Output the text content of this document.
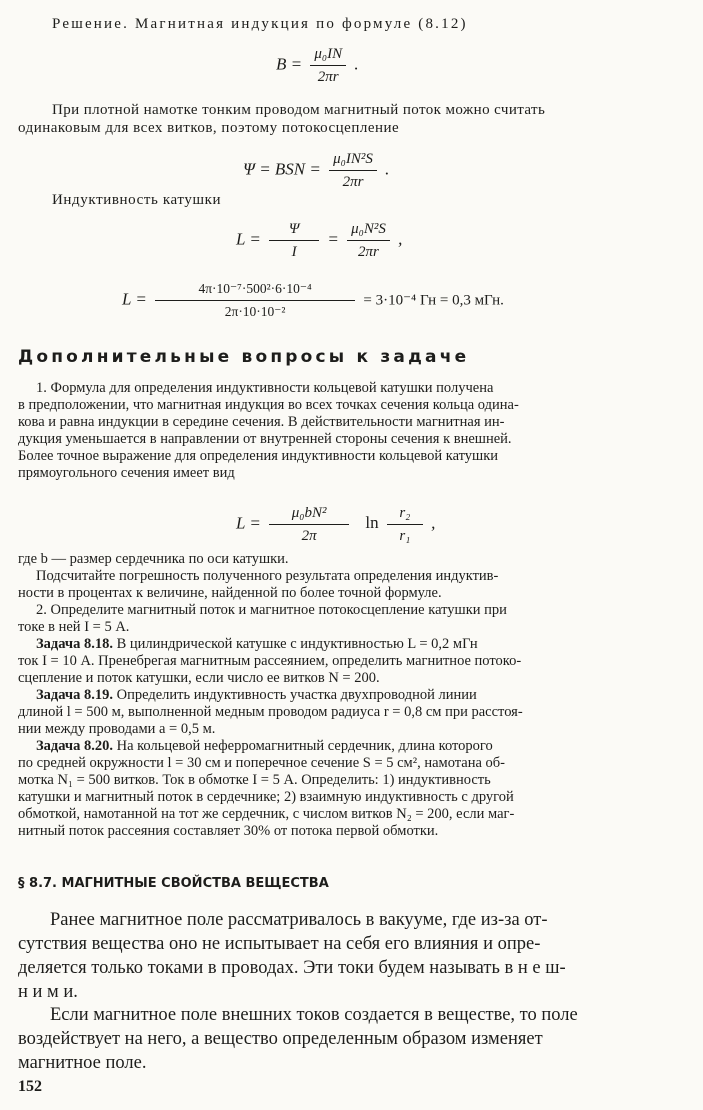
Решение. Магнитная индукция по формуле (8.12)
$B = \frac{\text{μ₀IN}}{2\pi r}$ .
При плотной намотке тонким проводом магнитный поток можно считать
одинаковым для всех витков, поэтому потокосцепление
Ψ = BSN = $\frac{\text{μ₀IN²S}}{2\pi r}$ .
Индуктивность катушки
$L = \frac{\Psi}{I} = \frac{\text{μ₀N²S}}{2\pi r}$ ,
$L = \frac{\text{4π·10⁻⁷·500²·6·10⁻⁴}}{\text{2π·10·10⁻²}} = 3\cdot 10^{-4}$ Гн = 0,3 мГн.
Дополнительные вопросы к задаче
1. Формула для определения индуктивности кольцевой катушки получена
в предположении, что магнитная индукция во всех точках сечения кольца одина-
кова и равна индукции в середине сечения. В действительности магнитная ин-
дукция уменьшается в направлении от внутренней стороны сечения к внешней.
Более точное выражение для определения индуктивности кольцевой катушки
прямоугольного сечения имеет вид
$L = \frac{\text{μ₀bN²}}{2\pi}$ $\ln \frac{\text{r₂}}{\text{r₁}}$ ,
где b — размер сердечника по оси катушки.
Подсчитайте погрешность полученного результата определения индуктив-
ности в процентах к величине, найденной по более точной формуле.
2. Определите магнитный поток и магнитное потокосцепление катушки при
токе в ней I = 5 А.
Задача 8.18. В цилиндрической катушке с индуктивностью L = 0,2 мГн
ток I = 10 А. Пренебрегая магнитным рассеянием, определить магнитное потоко-
сцепление и поток катушки, если число ее витков N = 200.
Задача 8.19. Определить индуктивность участка двухпроводной линии
длиной l = 500 м, выполненной медным проводом радиуса r = 0,8 см при расстоя-
нии между проводами a = 0,5 м.
Задача 8.20. На кольцевой неферромагнитный сердечник, длина которого
по средней окружности l = 30 см и поперечное сечение S = 5 см², намотана об-
мотка N₁ = 500 витков. Ток в обмотке I = 5 А. Определить: 1) индуктивность
катушки и магнитный поток в сердечнике; 2) взаимную индуктивность с другой
обмоткой, намотанной на тот же сердечник, с числом витков N₂ = 200, если маг-
нитный поток рассеяния составляет 30% от потока первой обмотки.
§ 8.7. МАГНИТНЫЕ СВОЙСТВА ВЕЩЕСТВА
Ранее магнитное поле рассматривалось в вакууме, где из-за от-
сутствия вещества оно не испытывает на себя его влияния и опре-
деляется только токами в проводах. Эти токи будем называть в н е ш-
н и м и.
Если магнитное поле внешних токов создается в веществе, то поле
воздействует на него, а вещество определенным образом изменяет
магнитное поле.
152
